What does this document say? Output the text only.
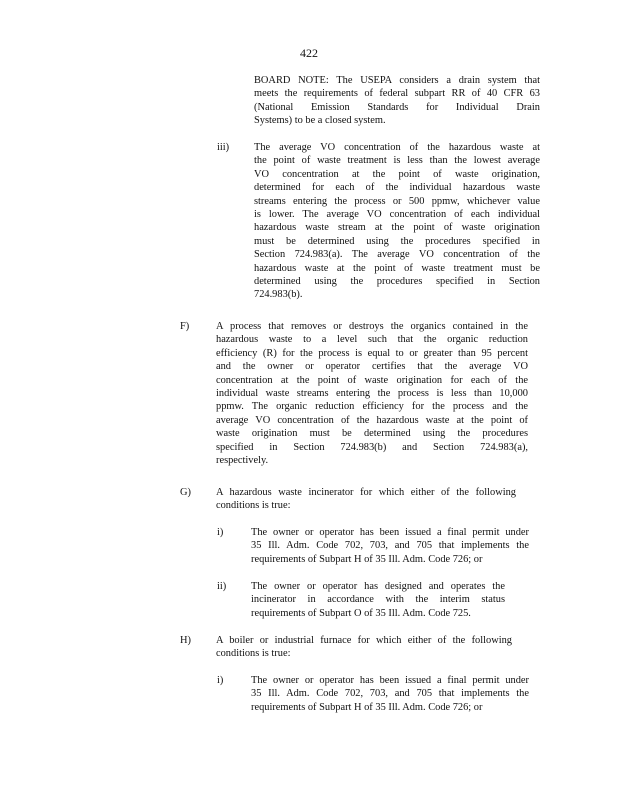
422
BOARD NOTE: The USEPA considers a drain system that
meets the requirements of federal subpart RR of 40 CFR 63
(National Emission Standards for Individual Drain
Systems) to be a closed system.
iii) The average VO concentration of the hazardous waste at
the point of waste treatment is less than the lowest average
VO concentration at the point of waste origination,
determined for each of the individual hazardous waste
streams entering the process or 500 ppmw, whichever value
is lower. The average VO concentration of each individual
hazardous waste stream at the point of waste origination
must be determined using the procedures specified in
Section 724.983(a). The average VO concentration of the
hazardous waste at the point of waste treatment must be
determined using the procedures specified in Section
724.983(b).
F)	A process that removes or destroys the organics contained in the
hazardous waste to a level such that the organic reduction
efficiency (R) for the process is equal to or greater than 95 percent
and the owner or operator certifies that the average VO
concentration at the point of waste origination for each of the
individual waste streams entering the process is less than 10,000
ppmw. The organic reduction efficiency for the process and the
average VO concentration of the hazardous waste at the point of
waste origination must be determined using the procedures
specified in Section 724.983(b) and Section 724.983(a),
respectively.
G) A hazardous waste incinerator for which either of the following
conditions is true:
i)	The owner or operator has been issued a final permit under
35 Ill. Adm. Code 702, 703, and 705 that implements the
requirements of Subpart H of 35 Ill. Adm. Code 726; or
ii) The owner or operator has designed and operates the
incinerator in accordance with the interim status
requirements of Subpart O of 35 Ill. Adm. Code 725.
H) A boiler or industrial furnace for which either of the following
conditions is true:
i)	The owner or operator has been issued a final permit under
35 Ill. Adm. Code 702, 703, and 705 that implements the
requirements of Subpart H of 35 Ill. Adm. Code 726; or
